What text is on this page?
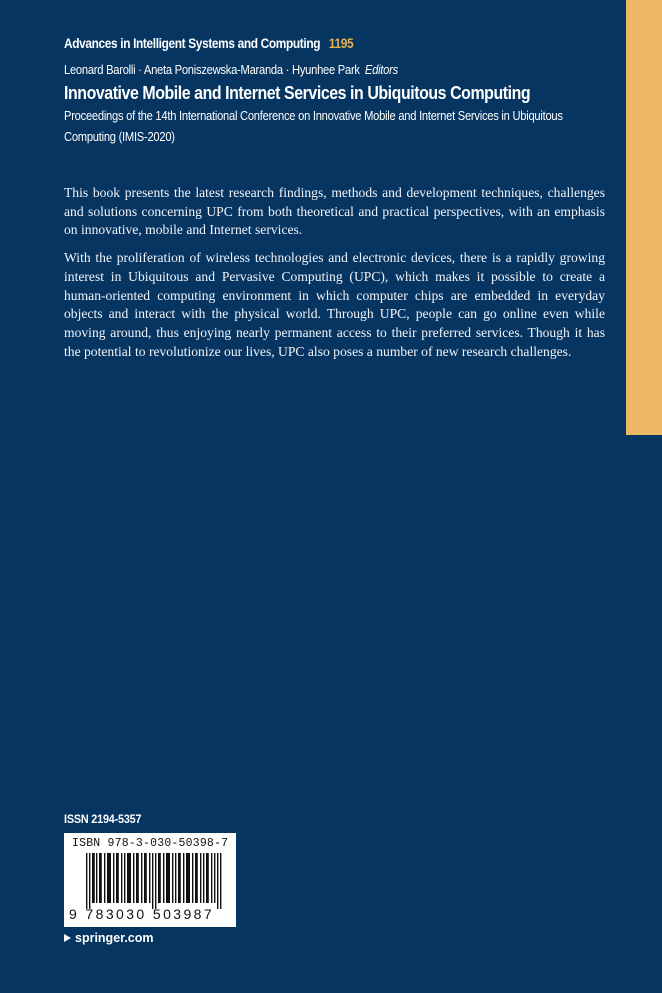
Advances in Intelligent Systems and Computing 1195
Leonard Barolli · Aneta Poniszewska-Maranda · Hyunhee Park Editors
Innovative Mobile and Internet Services in Ubiquitous Computing
Proceedings of the 14th International Conference on Innovative Mobile and Internet Services in Ubiquitous Computing (IMIS-2020)

This book presents the latest research findings, methods and development techniques, challenges and solutions concerning UPC from both theoretical and practical perspectives, with an emphasis on innovative, mobile and Internet services.

With the proliferation of wireless technologies and electronic devices, there is a rapidly growing interest in Ubiquitous and Pervasive Computing (UPC), which makes it possible to create a human-oriented computing environment in which computer chips are embedded in everyday objects and interact with the physical world. Through UPC, people can go online even while moving around, thus enjoying nearly permanent access to their preferred services. Though it has the potential to revolutionize our lives, UPC also poses a number of new research challenges.

ISSN 2194-5357
ISBN 978-3-030-50398-7
9 783030 503987
springer.com
